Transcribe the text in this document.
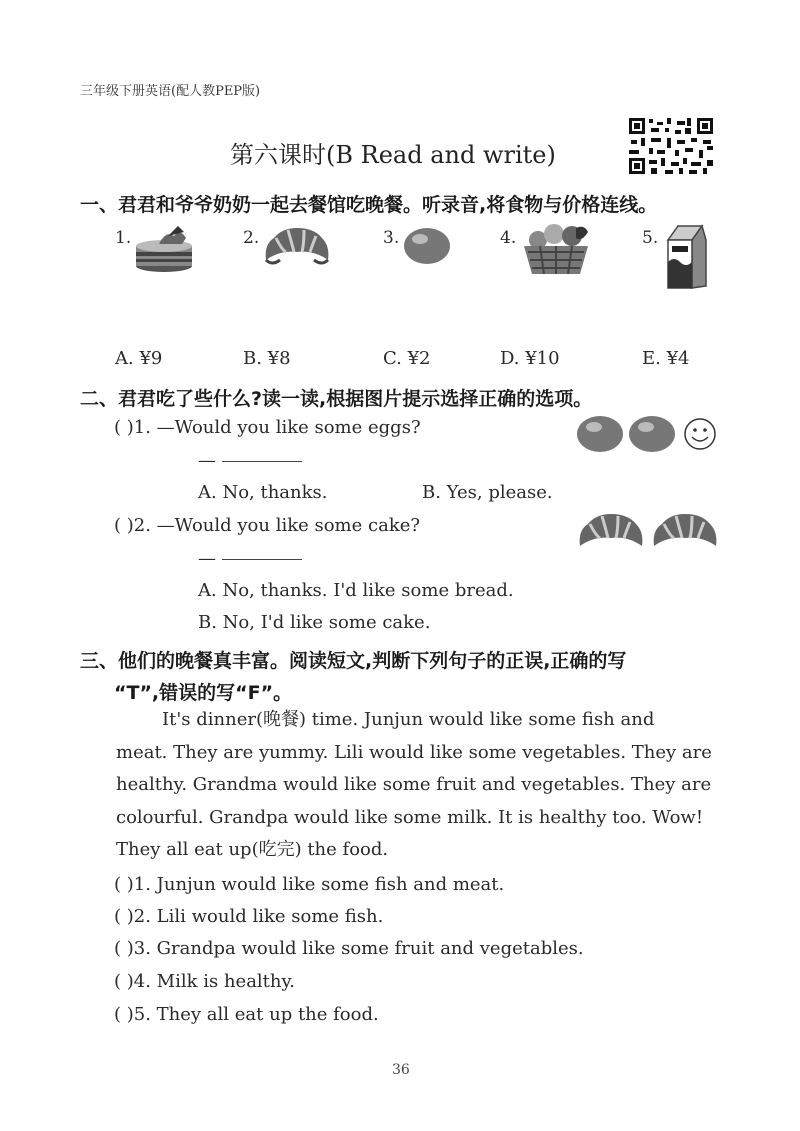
三年级下册英语(配人教PEP版)
第六课时(B Read and write)
一、君君和爷爷奶奶一起去餐馆吃晚餐。听录音,将食物与价格连线。
1.	2.	3.	4.	5.
A. ¥9	B. ¥8	C. ¥2	D. ¥10	E. ¥4
二、君君吃了些什么?读一读,根据图片提示选择正确的选项。
( )1. —Would you like some eggs?
—
A. No, thanks.	B. Yes, please.
( )2. —Would you like some cake?
—
A. No, thanks. I'd like some bread.
B. No, I'd like some cake.
三、他们的晚餐真丰富。阅读短文,判断下列句子的正误,正确的写
“T”,错误的写“F”。
It's dinner(晚餐) time. Junjun would like some fish and
meat. They are yummy. Lili would like some vegetables. They are
healthy. Grandma would like some fruit and vegetables. They are
colourful. Grandpa would like some milk. It is healthy too. Wow!
They all eat up(吃完) the food.
( )1. Junjun would like some fish and meat.
( )2. Lili would like some fish.
( )3. Grandpa would like some fruit and vegetables.
( )4. Milk is healthy.
( )5. They all eat up the food.
36
